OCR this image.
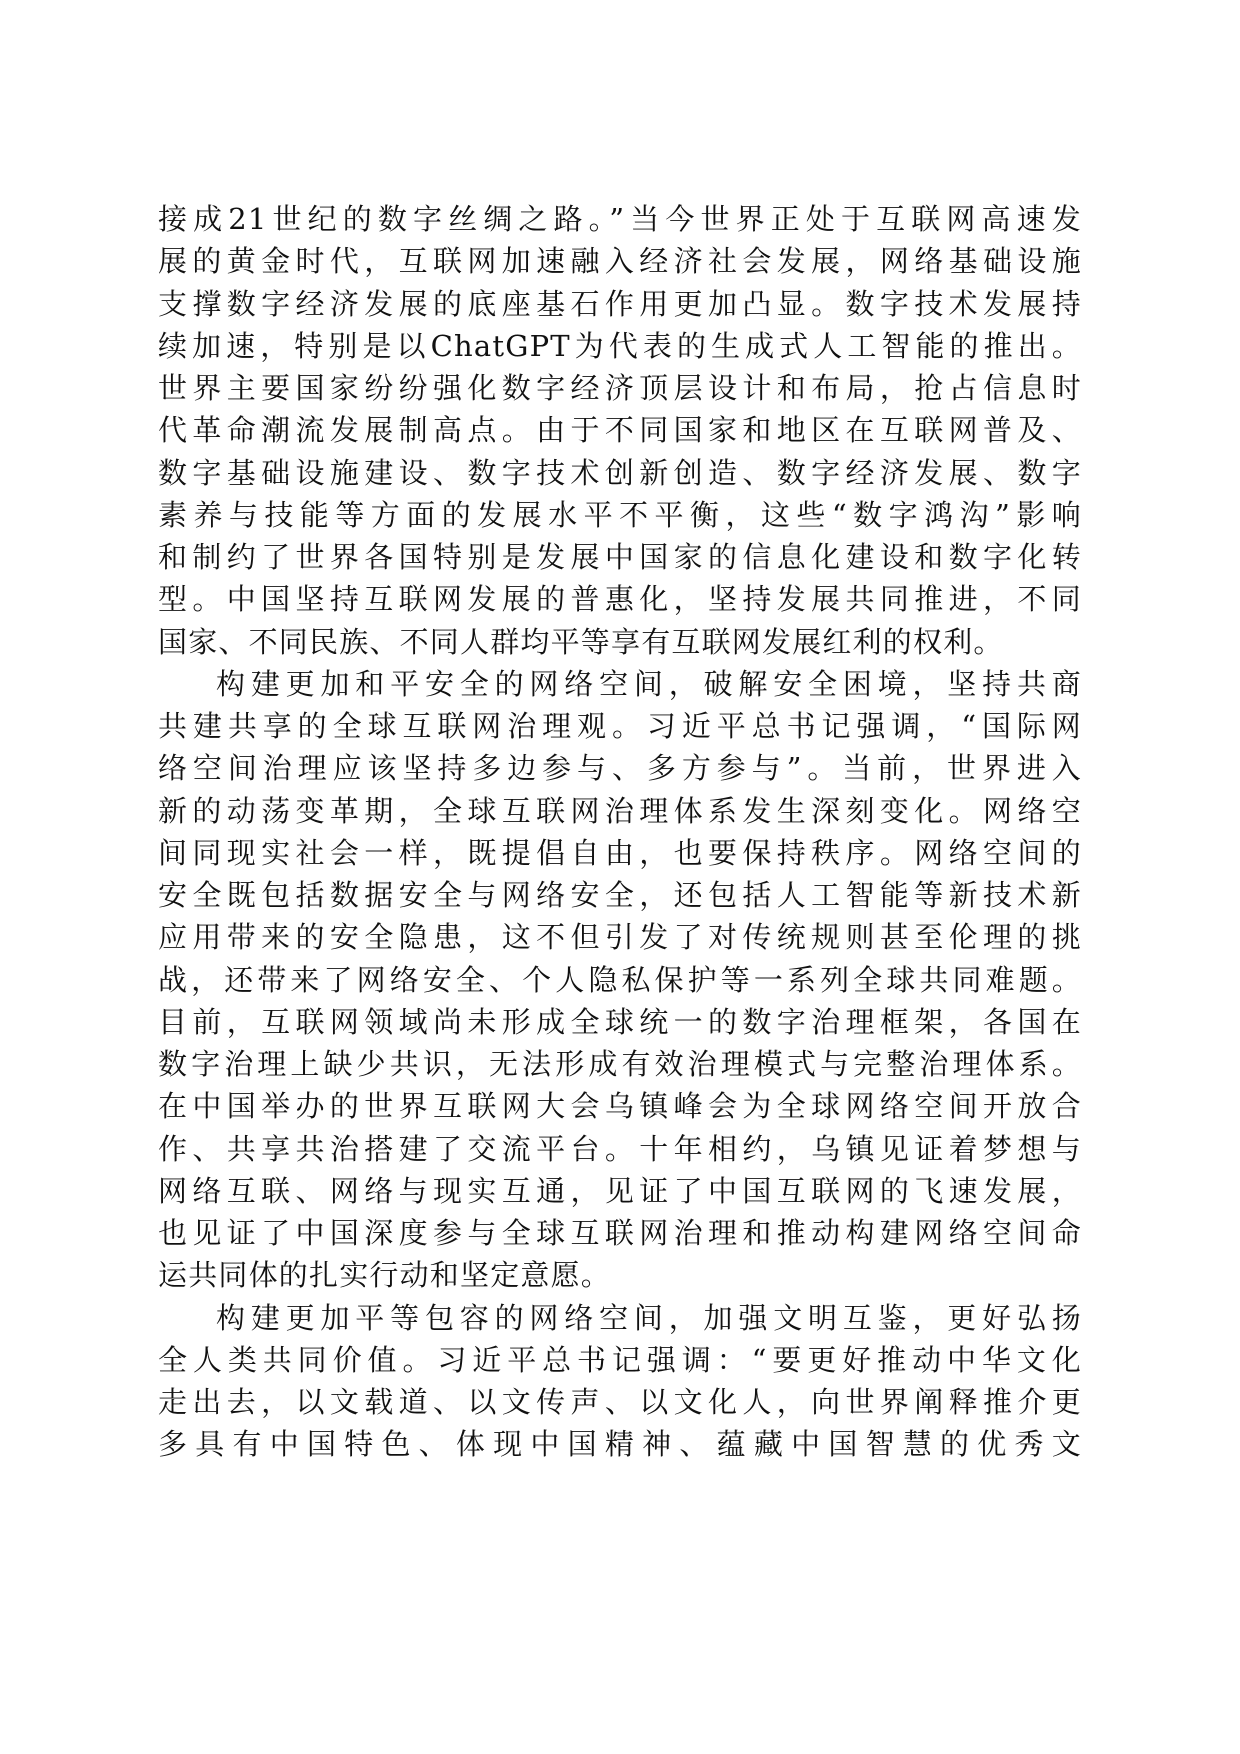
接成21世纪的数字丝绸之路。”当今世界正处于互联网高速发
展的黄金时代，互联网加速融入经济社会发展，网络基础设施
支撑数字经济发展的底座基石作用更加凸显。数字技术发展持
续加速，特别是以ChatGPT为代表的生成式人工智能的推出。
世界主要国家纷纷强化数字经济顶层设计和布局，抢占信息时
代革命潮流发展制高点。由于不同国家和地区在互联网普及、
数字基础设施建设、数字技术创新创造、数字经济发展、数字
素养与技能等方面的发展水平不平衡，这些“数字鸿沟”影响
和制约了世界各国特别是发展中国家的信息化建设和数字化转
型。中国坚持互联网发展的普惠化，坚持发展共同推进，不同
国家、不同民族、不同人群均平等享有互联网发展红利的权利。
构建更加和平安全的网络空间，破解安全困境，坚持共商
共建共享的全球互联网治理观。习近平总书记强调，“国际网
络空间治理应该坚持多边参与、多方参与”。当前，世界进入
新的动荡变革期，全球互联网治理体系发生深刻变化。网络空
间同现实社会一样，既提倡自由，也要保持秩序。网络空间的
安全既包括数据安全与网络安全，还包括人工智能等新技术新
应用带来的安全隐患，这不但引发了对传统规则甚至伦理的挑
战，还带来了网络安全、个人隐私保护等一系列全球共同难题。
目前，互联网领域尚未形成全球统一的数字治理框架，各国在
数字治理上缺少共识，无法形成有效治理模式与完整治理体系。
在中国举办的世界互联网大会乌镇峰会为全球网络空间开放合
作、共享共治搭建了交流平台。十年相约，乌镇见证着梦想与
网络互联、网络与现实互通，见证了中国互联网的飞速发展，
也见证了中国深度参与全球互联网治理和推动构建网络空间命
运共同体的扎实行动和坚定意愿。
构建更加平等包容的网络空间，加强文明互鉴，更好弘扬
全人类共同价值。习近平总书记强调：“要更好推动中华文化
走出去，以文载道、以文传声、以文化人，向世界阐释推介更
多具有中国特色、体现中国精神、蕴藏中国智慧的优秀文
